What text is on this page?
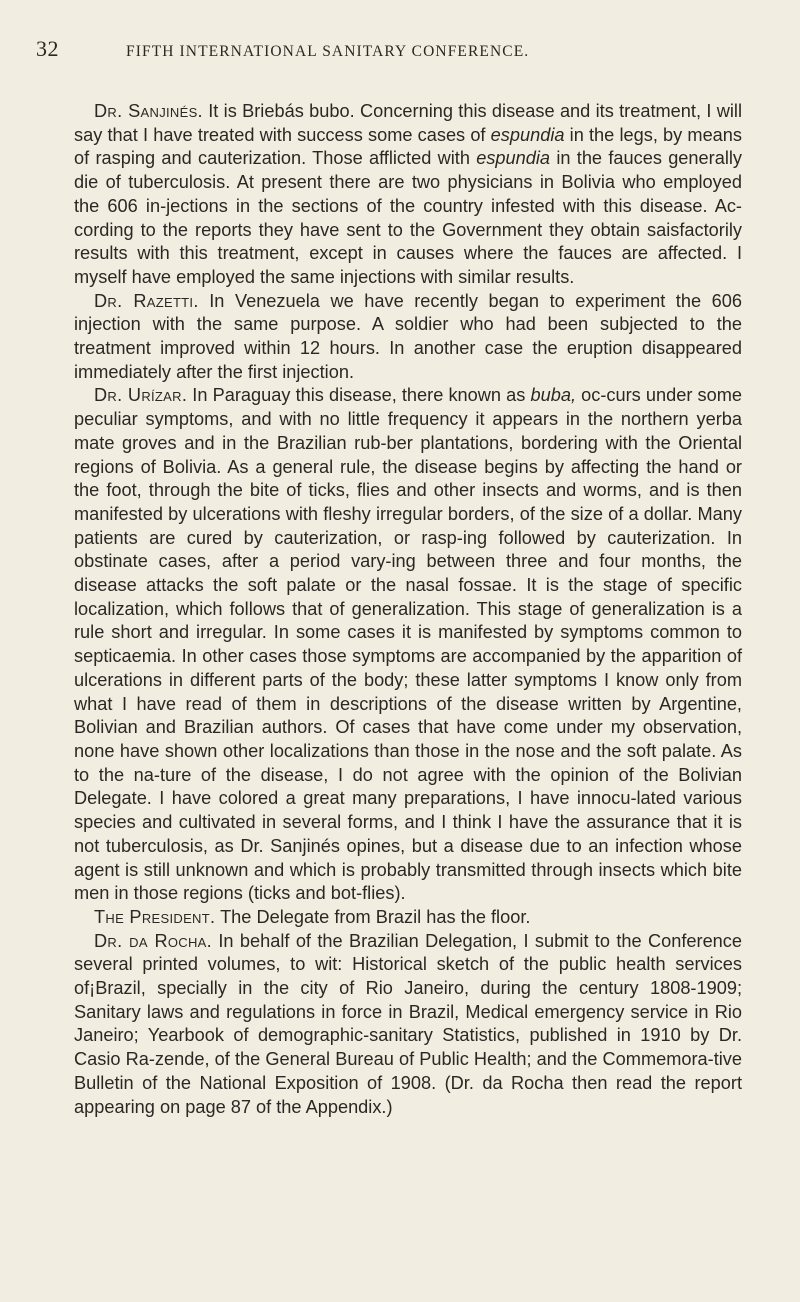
32	FIFTH INTERNATIONAL SANITARY CONFERENCE.

Dr. Sanjinés. It is Briebás bubo. Concerning this disease and its treatment, I will say that I have treated with success some cases of espundia in the legs, by means of rasping and cauterization. Those afflicted with espundia in the fauces generally die of tuberculosis. At present there are two physicians in Bolivia who employed the 606 in-jections in the sections of the country infested with this disease. Ac-cording to the reports they have sent to the Government they obtain saisfactorily results with this treatment, except in causes where the fauces are affected. I myself have employed the same injections with similar results.

Dr. Razetti. In Venezuela we have recently began to experiment the 606 injection with the same purpose. A soldier who had been subjected to the treatment improved within 12 hours. In another case the eruption disappeared immediately after the first injection.

Dr. Urízar. In Paraguay this disease, there known as buba, oc-curs under some peculiar symptoms, and with no little frequency it appears in the northern yerba mate groves and in the Brazilian rub-ber plantations, bordering with the Oriental regions of Bolivia. As a general rule, the disease begins by affecting the hand or the foot, through the bite of ticks, flies and other insects and worms, and is then manifested by ulcerations with fleshy irregular borders, of the size of a dollar. Many patients are cured by cauterization, or rasp-ing followed by cauterization. In obstinate cases, after a period vary-ing between three and four months, the disease attacks the soft palate or the nasal fossae. It is the stage of specific localization, which follows that of generalization. This stage of generalization is a rule short and irregular. In some cases it is manifested by symptoms common to septicaemia. In other cases those symptoms are accompanied by the apparition of ulcerations in different parts of the body; these latter symptoms I know only from what I have read of them in descriptions of the disease written by Argentine, Bolivian and Brazilian authors. Of cases that have come under my observation, none have shown other localizations than those in the nose and the soft palate. As to the na-ture of the disease, I do not agree with the opinion of the Bolivian Delegate. I have colored a great many preparations, I have innocu-lated various species and cultivated in several forms, and I think I have the assurance that it is not tuberculosis, as Dr. Sanjinés opines, but a disease due to an infection whose agent is still unknown and which is probably transmitted through insects which bite men in those regions (ticks and bot-flies).

The President. The Delegate from Brazil has the floor.

Dr. da Rocha. In behalf of the Brazilian Delegation, I submit to the Conference several printed volumes, to wit: Historical sketch of the public health services of¡Brazil, specially in the city of Rio Janeiro, during the century 1808-1909; Sanitary laws and regulations in force in Brazil, Medical emergency service in Rio Janeiro; Yearbook of demographic-sanitary Statistics, published in 1910 by Dr. Casio Ra-zende, of the General Bureau of Public Health; and the Commemora-tive Bulletin of the National Exposition of 1908. (Dr. da Rocha then read the report appearing on page 87 of the Appendix.)
